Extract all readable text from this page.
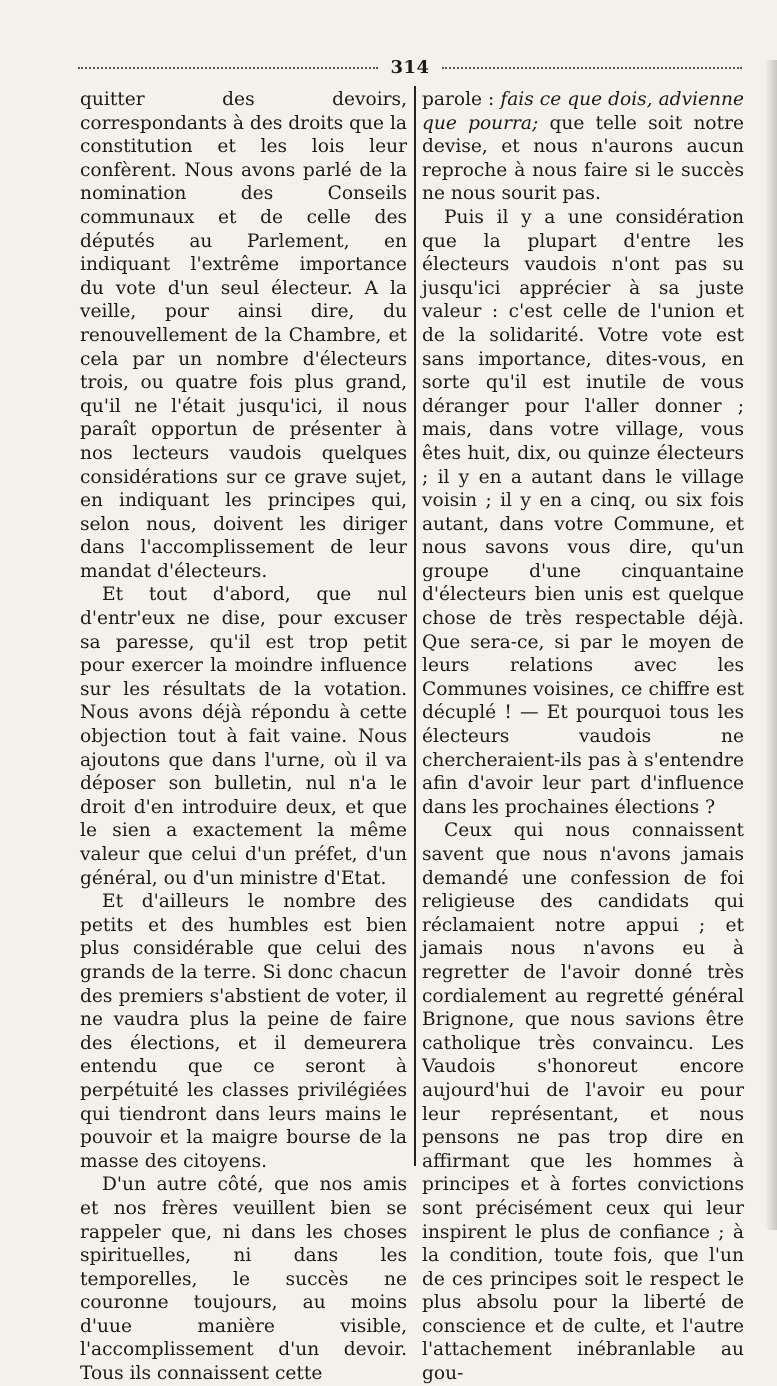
314

quitter des devoirs, correspondants à des droits que la constitution et les lois leur confèrent. Nous avons parlé de la nomination des Conseils communaux et de celle des députés au Parlement, en indiquant l'extrême importance du vote d'un seul électeur. A la veille, pour ainsi dire, du renouvellement de la Chambre, et cela par un nombre d'électeurs trois, ou quatre fois plus grand, qu'il ne l'était jusqu'ici, il nous paraît opportun de présenter à nos lecteurs vaudois quelques considérations sur ce grave sujet, en indiquant les principes qui, selon nous, doivent les diriger dans l'accomplissement de leur mandat d'électeurs.

Et tout d'abord, que nul d'entr'eux ne dise, pour excuser sa paresse, qu'il est trop petit pour exercer la moindre influence sur les résultats de la votation. Nous avons déjà répondu à cette objection tout à fait vaine. Nous ajoutons que dans l'urne, où il va déposer son bulletin, nul n'a le droit d'en introduire deux, et que le sien a exactement la même valeur que celui d'un préfet, d'un général, ou d'un ministre d'Etat.

Et d'ailleurs le nombre des petits et des humbles est bien plus considérable que celui des grands de la terre. Si donc chacun des premiers s'abstient de voter, il ne vaudra plus la peine de faire des élections, et il demeurera entendu que ce seront à perpétuité les classes privilégiées qui tiendront dans leurs mains le pouvoir et la maigre bourse de la masse des citoyens.

D'un autre côté, que nos amis et nos frères veuillent bien se rappeler que, ni dans les choses spirituelles, ni dans les temporelles, le succès ne couronne toujours, au moins d'uue manière visible, l'accomplissement d'un devoir. Tous ils connaissent cette

parole : fais ce que dois, advienne que pourra; que telle soit notre devise, et nous n'aurons aucun reproche à nous faire si le succès ne nous sourit pas.

Puis il y a une considération que la plupart d'entre les électeurs vaudois n'ont pas su jusqu'ici apprécier à sa juste valeur : c'est celle de l'union et de la solidarité. Votre vote est sans importance, dites-vous, en sorte qu'il est inutile de vous déranger pour l'aller donner ; mais, dans votre village, vous êtes huit, dix, ou quinze électeurs ; il y en a autant dans le village voisin ; il y en a cinq, ou six fois autant, dans votre Commune, et nous savons vous dire, qu'un groupe d'une cinquantaine d'électeurs bien unis est quelque chose de très respectable déjà. Que sera-ce, si par le moyen de leurs relations avec les Communes voisines, ce chiffre est décuplé ! — Et pourquoi tous les électeurs vaudois ne chercheraient-ils pas à s'entendre afin d'avoir leur part d'influence dans les prochaines élections ?

Ceux qui nous connaissent savent que nous n'avons jamais demandé une confession de foi religieuse des candidats qui réclamaient notre appui ; et jamais nous n'avons eu à regretter de l'avoir donné très cordialement au regretté général Brignone, que nous savions être catholique très convaincu. Les Vaudois s'honoreut encore aujourd'hui de l'avoir eu pour leur représentant, et nous pensons ne pas trop dire en affirmant que les hommes à principes et à fortes convictions sont précisément ceux qui leur inspirent le plus de confiance ; à la condition, toute fois, que l'un de ces principes soit le respect le plus absolu pour la liberté de conscience et de culte, et l'autre l'attachement inébranlable au gou-
